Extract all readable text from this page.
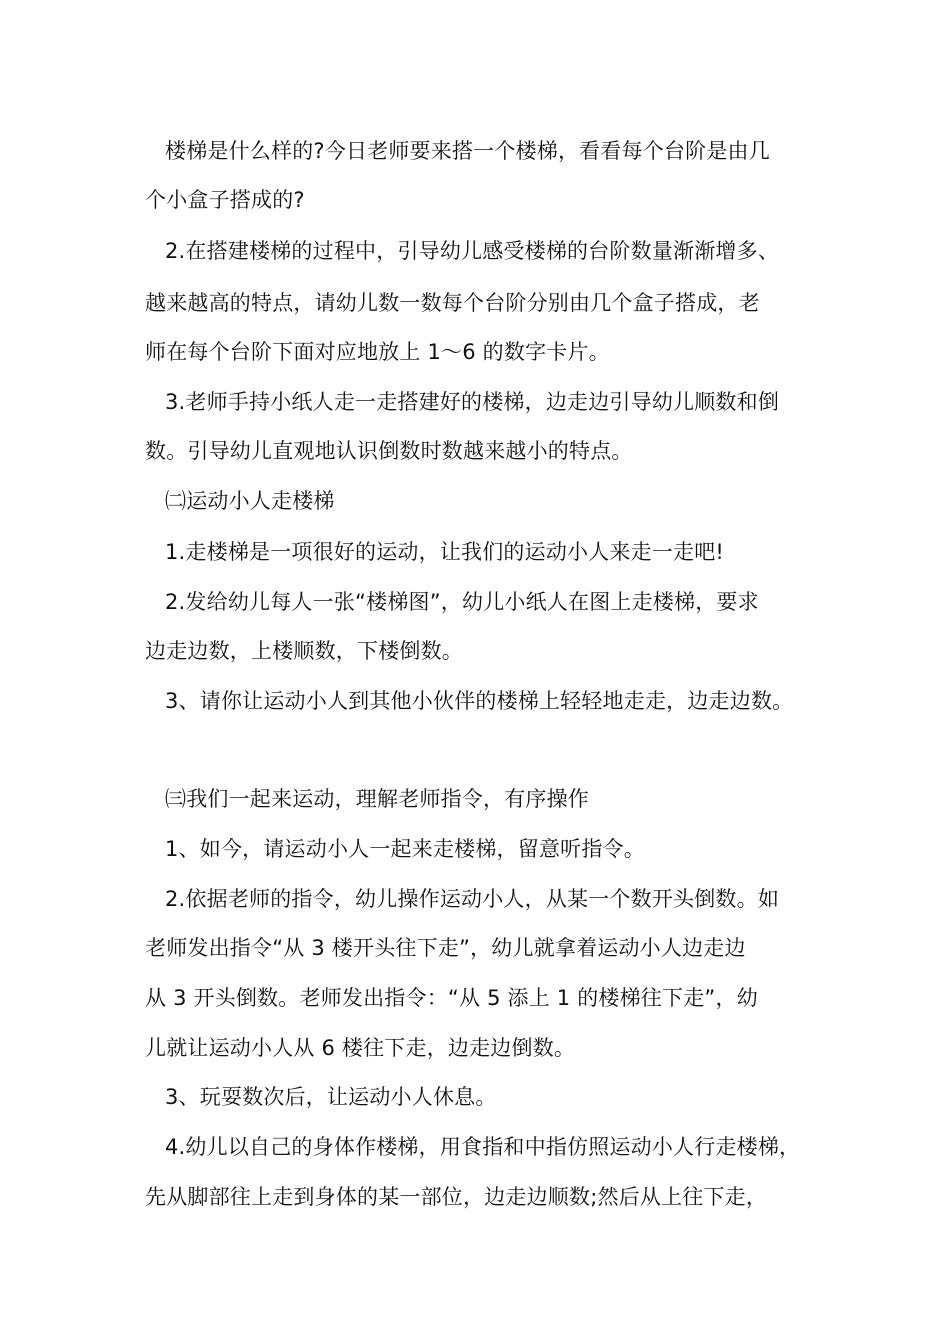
楼梯是什么样的?今日老师要来搭一个楼梯，看看每个台阶是由几
个小盒子搭成的?
2.在搭建楼梯的过程中，引导幼儿感受楼梯的台阶数量渐渐增多、
越来越高的特点，请幼儿数一数每个台阶分别由几个盒子搭成，老
师在每个台阶下面对应地放上 1～6 的数字卡片。
3.老师手持小纸人走一走搭建好的楼梯，边走边引导幼儿顺数和倒
数。引导幼儿直观地认识倒数时数越来越小的特点。
㈡运动小人走楼梯
1.走楼梯是一项很好的运动，让我们的运动小人来走一走吧!
2.发给幼儿每人一张“楼梯图”，幼儿小纸人在图上走楼梯，要求
边走边数，上楼顺数，下楼倒数。
3、请你让运动小人到其他小伙伴的楼梯上轻轻地走走，边走边数。
㈢我们一起来运动，理解老师指令，有序操作
1、如今，请运动小人一起来走楼梯，留意听指令。
2.依据老师的指令，幼儿操作运动小人，从某一个数开头倒数。如
老师发出指令“从 3 楼开头往下走”，幼儿就拿着运动小人边走边
从 3 开头倒数。老师发出指令：“从 5 添上 1 的楼梯往下走”，幼
儿就让运动小人从 6 楼往下走，边走边倒数。
3、玩耍数次后，让运动小人休息。
4.幼儿以自己的身体作楼梯，用食指和中指仿照运动小人行走楼梯，
先从脚部往上走到身体的某一部位，边走边顺数;然后从上往下走，
